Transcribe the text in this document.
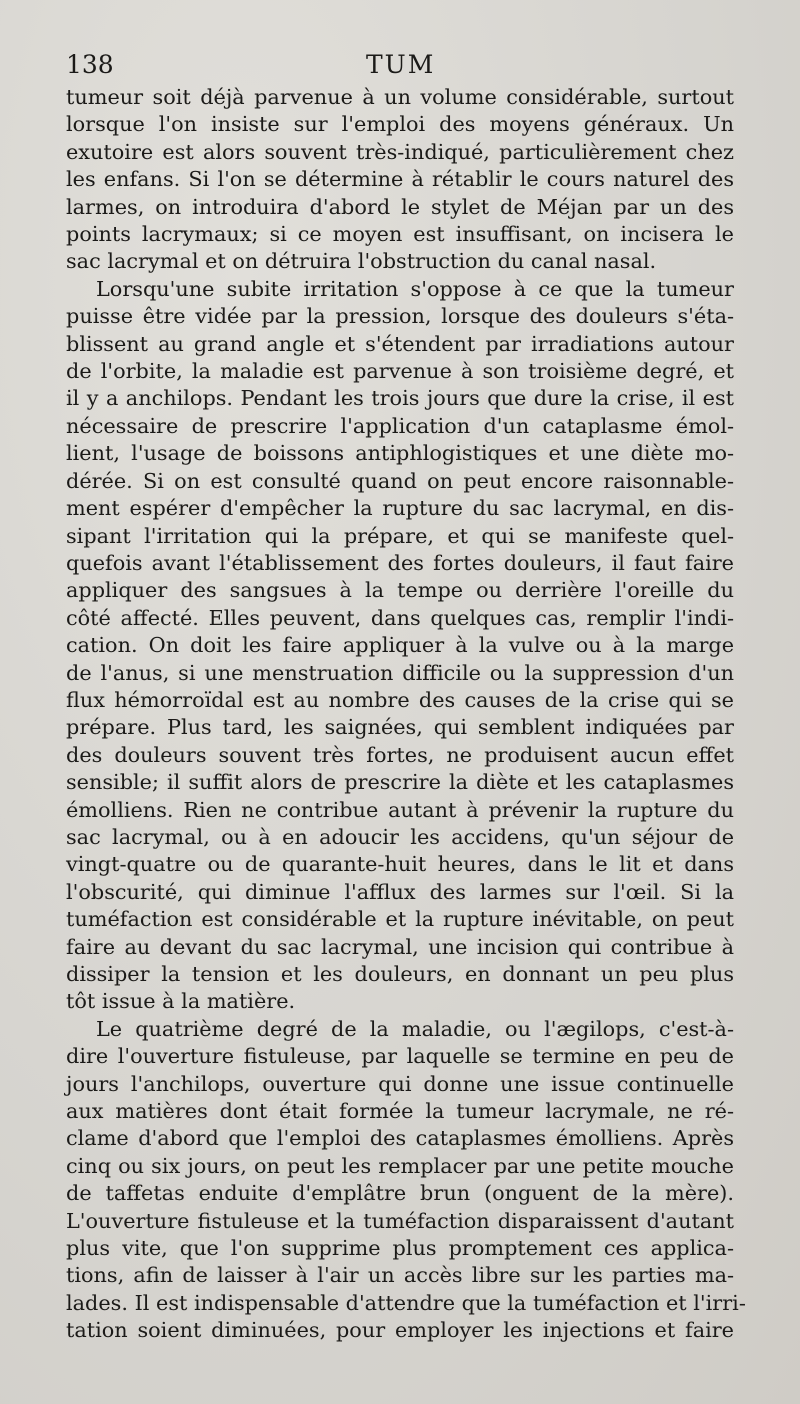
138	TUM
tumeur soit déjà parvenue à un volume considérable, surtout
lorsque l'on insiste sur l'emploi des moyens généraux. Un
exutoire est alors souvent très-indiqué, particulièrement chez
les enfans. Si l'on se détermine à rétablir le cours naturel des
larmes, on introduira d'abord le stylet de Méjan par un des
points lacrymaux; si ce moyen est insuffisant, on incisera le
sac lacrymal et on détruira l'obstruction du canal nasal.
Lorsqu'une subite irritation s'oppose à ce que la tumeur
puisse être vidée par la pression, lorsque des douleurs s'éta-
blissent au grand angle et s'étendent par irradiations autour
de l'orbite, la maladie est parvenue à son troisième degré, et
il y a anchilops. Pendant les trois jours que dure la crise, il est
nécessaire de prescrire l'application d'un cataplasme émol-
lient, l'usage de boissons antiphlogistiques et une diète mo-
dérée. Si on est consulté quand on peut encore raisonnable-
ment espérer d'empêcher la rupture du sac lacrymal, en dis-
sipant l'irritation qui la prépare, et qui se manifeste quel-
quefois avant l'établissement des fortes douleurs, il faut faire
appliquer des sangsues à la tempe ou derrière l'oreille du
côté affecté. Elles peuvent, dans quelques cas, remplir l'indi-
cation. On doit les faire appliquer à la vulve ou à la marge
de l'anus, si une menstruation difficile ou la suppression d'un
flux hémorroïdal est au nombre des causes de la crise qui se
prépare. Plus tard, les saignées, qui semblent indiquées par
des douleurs souvent très fortes, ne produisent aucun effet
sensible; il suffit alors de prescrire la diète et les cataplasmes
émolliens. Rien ne contribue autant à prévenir la rupture du
sac lacrymal, ou à en adoucir les accidens, qu'un séjour de
vingt-quatre ou de quarante-huit heures, dans le lit et dans
l'obscurité, qui diminue l'afflux des larmes sur l'œil. Si la
tuméfaction est considérable et la rupture inévitable, on peut
faire au devant du sac lacrymal, une incision qui contribue à
dissiper la tension et les douleurs, en donnant un peu plus
tôt issue à la matière.
Le quatrième degré de la maladie, ou l'ægilops, c'est-à-
dire l'ouverture fistuleuse, par laquelle se termine en peu de
jours l'anchilops, ouverture qui donne une issue continuelle
aux matières dont était formée la tumeur lacrymale, ne ré-
clame d'abord que l'emploi des cataplasmes émolliens. Après
cinq ou six jours, on peut les remplacer par une petite mouche
de taffetas enduite d'emplâtre brun (onguent de la mère).
L'ouverture fistuleuse et la tuméfaction disparaissent d'autant
plus vite, que l'on supprime plus promptement ces applica-
tions, afin de laisser à l'air un accès libre sur les parties ma-
lades. Il est indispensable d'attendre que la tuméfaction et l'irri-
tation soient diminuées, pour employer les injections et faire
